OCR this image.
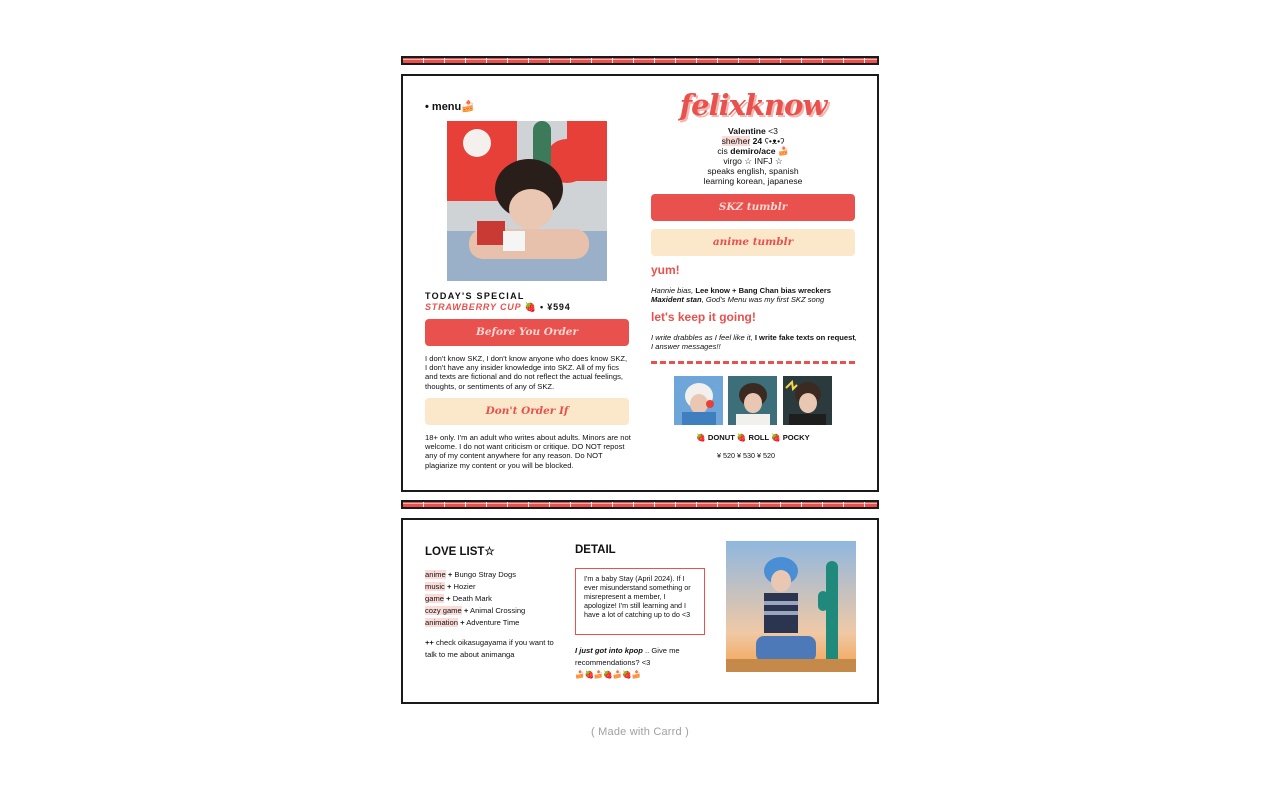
• menu🍰
TODAY'S SPECIAL
STRAWBERRY CUP 🍓 • ¥594
Before You Order
I don't know SKZ, I don't know anyone who does know SKZ, I don't have any insider knowledge into SKZ. All of my fics and texts are fictional and do not reflect the actual feelings, thoughts, or sentiments of any of SKZ.
Don't Order If
18+ only. I'm an adult who writes about adults. Minors are not welcome. I do not want criticism or critique. DO NOT repost any of my content anywhere for any reason. Do NOT plagiarize my content or you will be blocked.
felixknow
Valentine <3
she/her 24 ʕ•ᴥ•ʔ
cis demiro/ace 🍰
virgo ☆ INFJ ☆
speaks english, spanish
learning korean, japanese
SKZ tumblr
anime tumblr
yum!
Hannie bias, Lee know + Bang Chan bias wreckers
Maxident stan, God's Menu was my first SKZ song
let's keep it going!
I write drabbles as I feel like it, I write fake texts on request, I answer messages!!
🍓 DONUT 🍓 ROLL 🍓 POCKY
¥ 520 ¥ 530 ¥ 520
LOVE LIST☆
anime + Bungo Stray Dogs
music + Hozier
game + Death Mark
cozy game + Animal Crossing
animation + Adventure Time
++ check oikasugayama if you want to talk to me about animanga
DETAIL
I'm a baby Stay (April 2024). If I ever misunderstand something or misrepresent a member, I apologize! I'm still learning and I have a lot of catching up to do <3
I just got into kpop .. Give me recommendations? <3
🍰🍓🍰🍓🍰🍓🍰
( Made with Carrd )
